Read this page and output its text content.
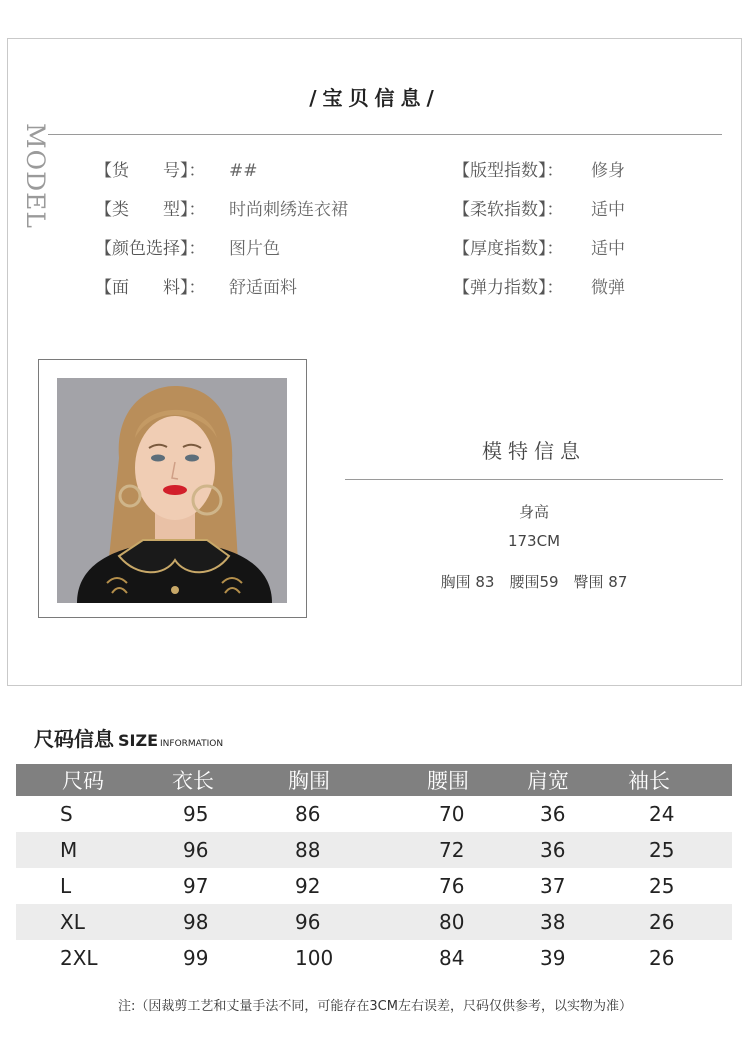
/宝贝信息/
【货　　号】： ##
【类　　型】： 时尚刺绣连衣裙
【颜色选择】： 图片色
【面　　料】： 舒适面料
【版型指数】： 修身
【柔软指数】： 适中
【厚度指数】： 适中
【弹力指数】： 微弹
MODEL
模特信息
身高
173CM
胸围 83　腰围59　臀围 87
尺码信息 SIZE INFORMATION
尺码	衣长	胸围	腰围	肩宽	袖长
S	95	86	70	36	24
M	96	88	72	36	25
L	97	92	76	37	25
XL	98	96	80	38	26
2XL	99	100	84	39	26
注:（因裁剪工艺和丈量手法不同，可能存在3CM左右误差，尺码仅供参考，以实物为准）
